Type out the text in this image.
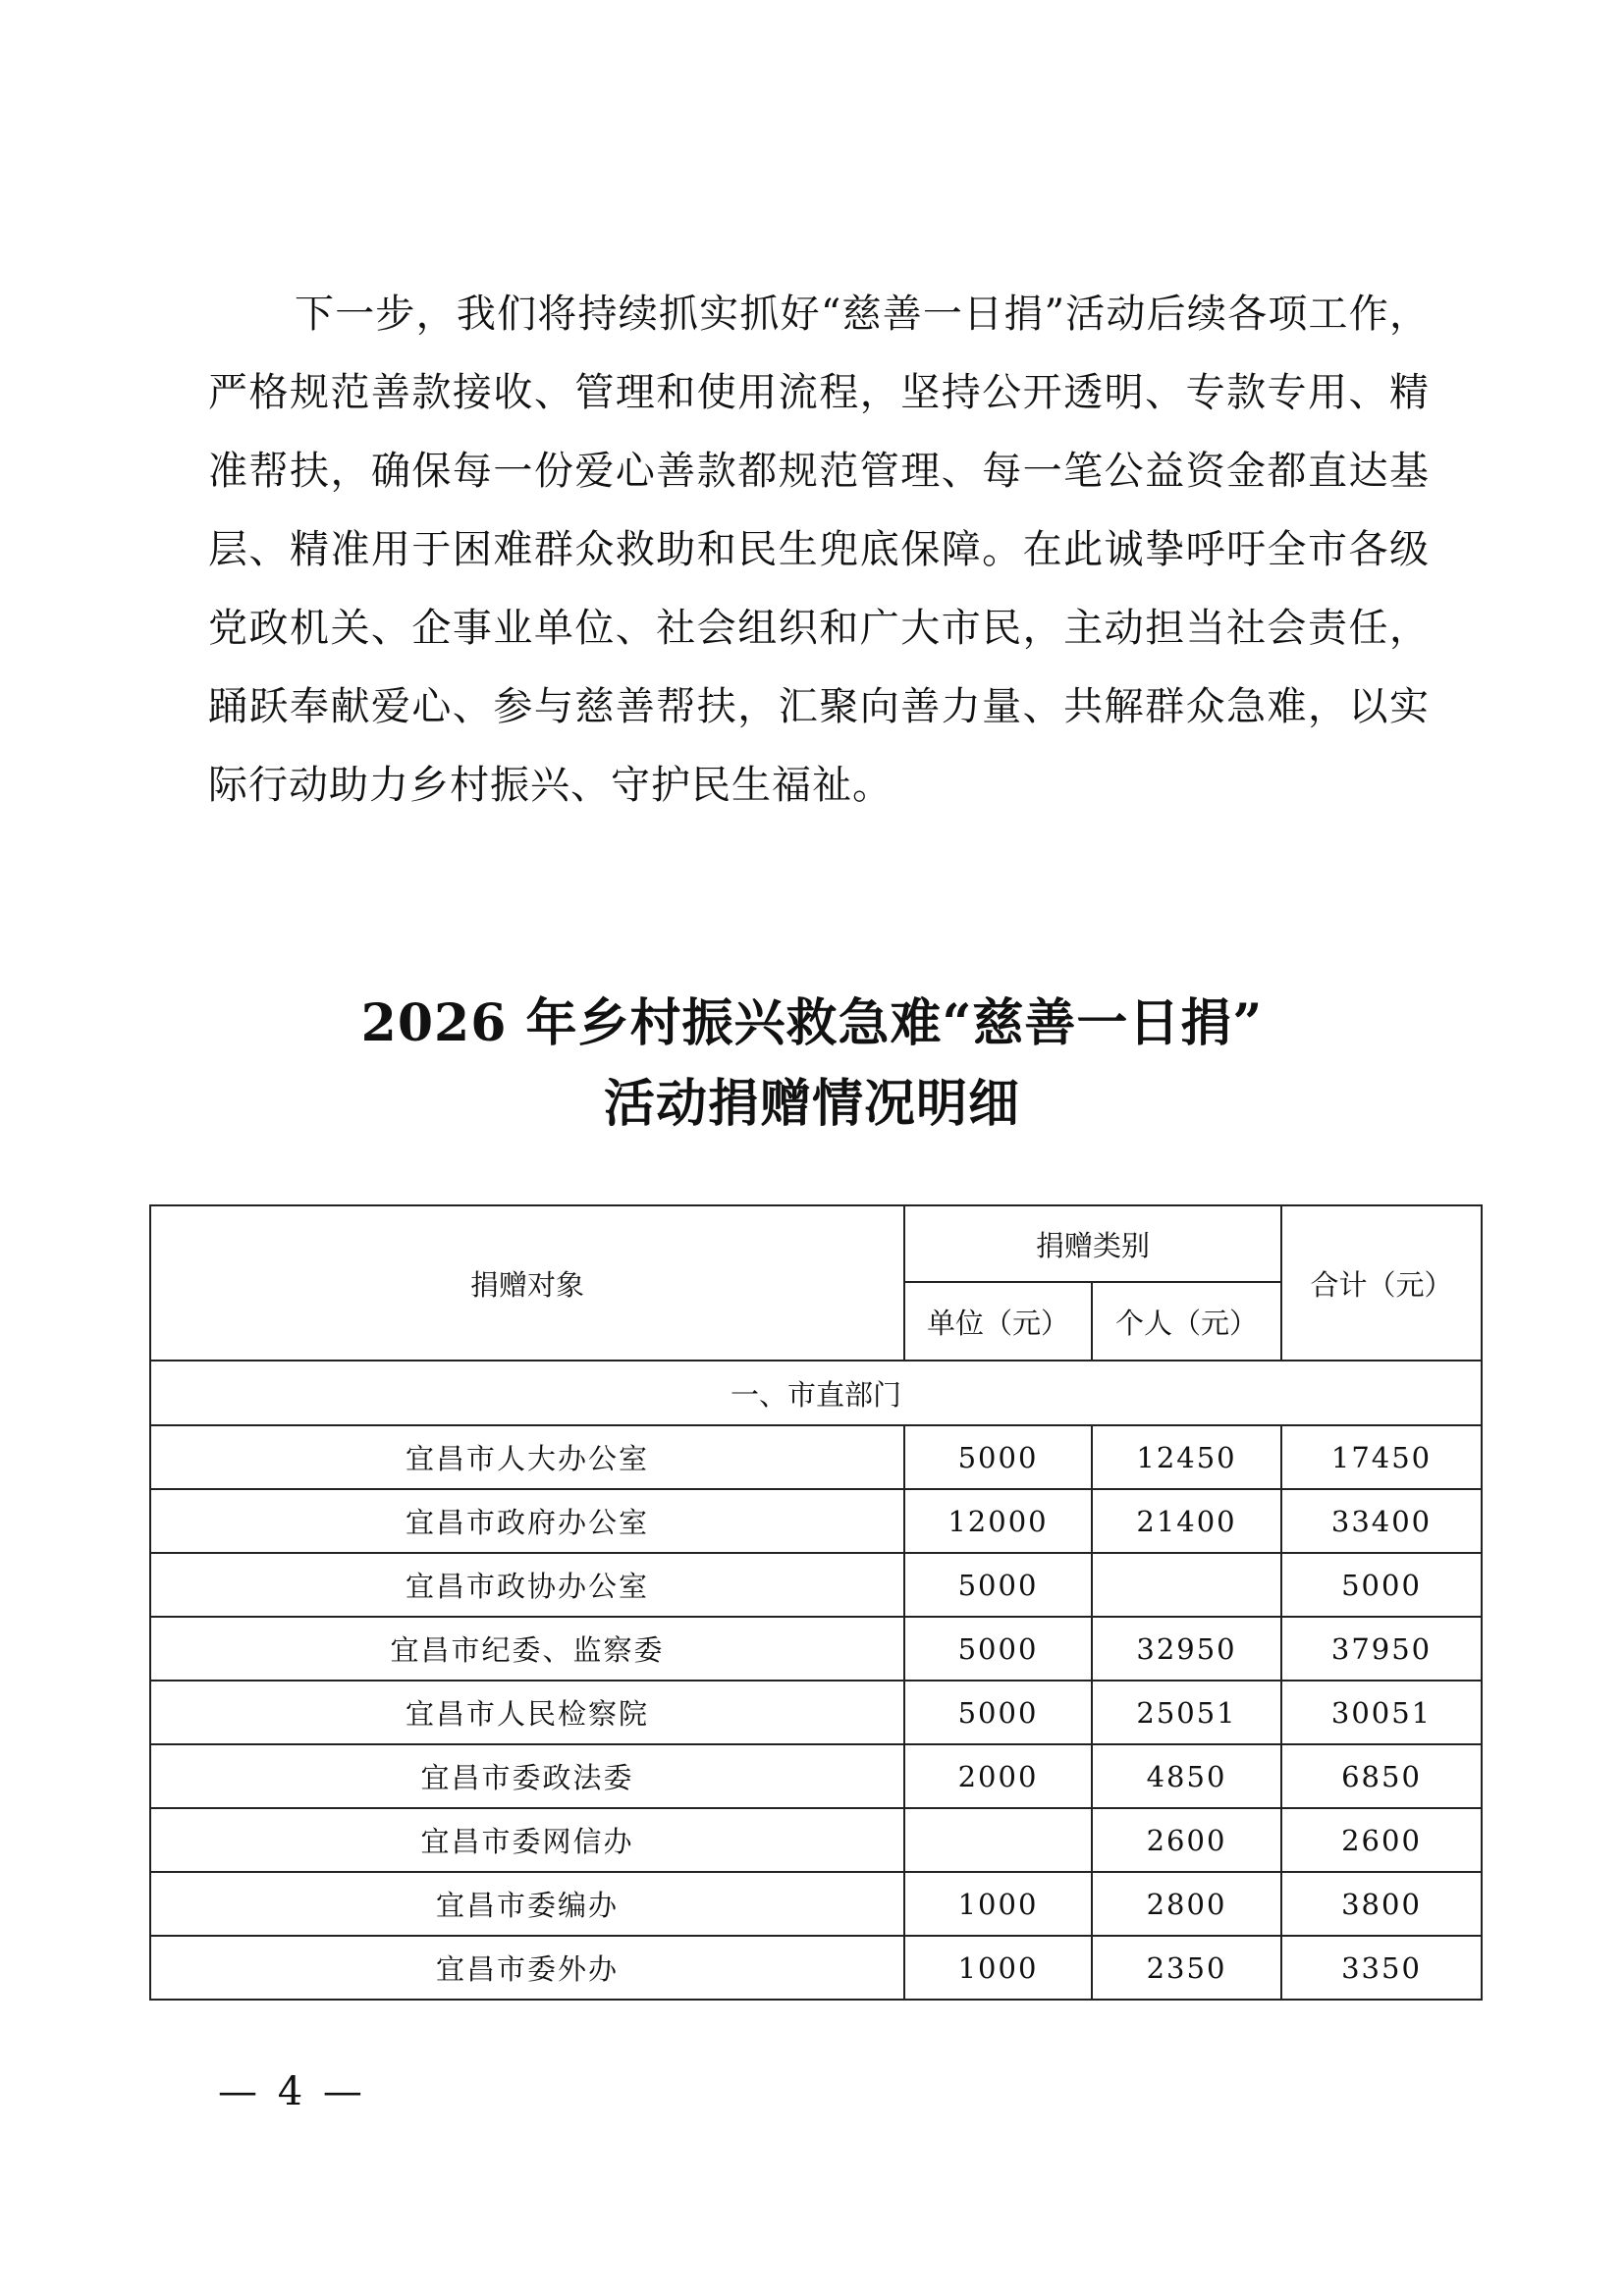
下一步，我们将持续抓实抓好“慈善一日捐”活动后续各项工作，严格规范善款接收、管理和使用流程，坚持公开透明、专款专用、精准帮扶，确保每一份爱心善款都规范管理、每一笔公益资金都直达基层、精准用于困难群众救助和民生兜底保障。在此诚挚呼吁全市各级党政机关、企事业单位、社会组织和广大市民，主动担当社会责任，踊跃奉献爱心、参与慈善帮扶，汇聚向善力量、共解群众急难，以实际行动助力乡村振兴、守护民生福祉。

2026 年乡村振兴救急难“慈善一日捐”
活动捐赠情况明细
捐赠对象	捐赠类别		合计（元）
	单位（元）	个人（元）	
一、市直部门			
宜昌市人大办公室	5000	12450	17450
宜昌市政府办公室	12000	21400	33400
宜昌市政协办公室	5000		5000
宜昌市纪委、监察委	5000	32950	37950
宜昌市人民检察院	5000	25051	30051
宜昌市委政法委	2000	4850	6850
宜昌市委网信办		2600	2600
宜昌市委编办	1000	2800	3800
宜昌市委外办	1000	2350	3350
— 4 —
